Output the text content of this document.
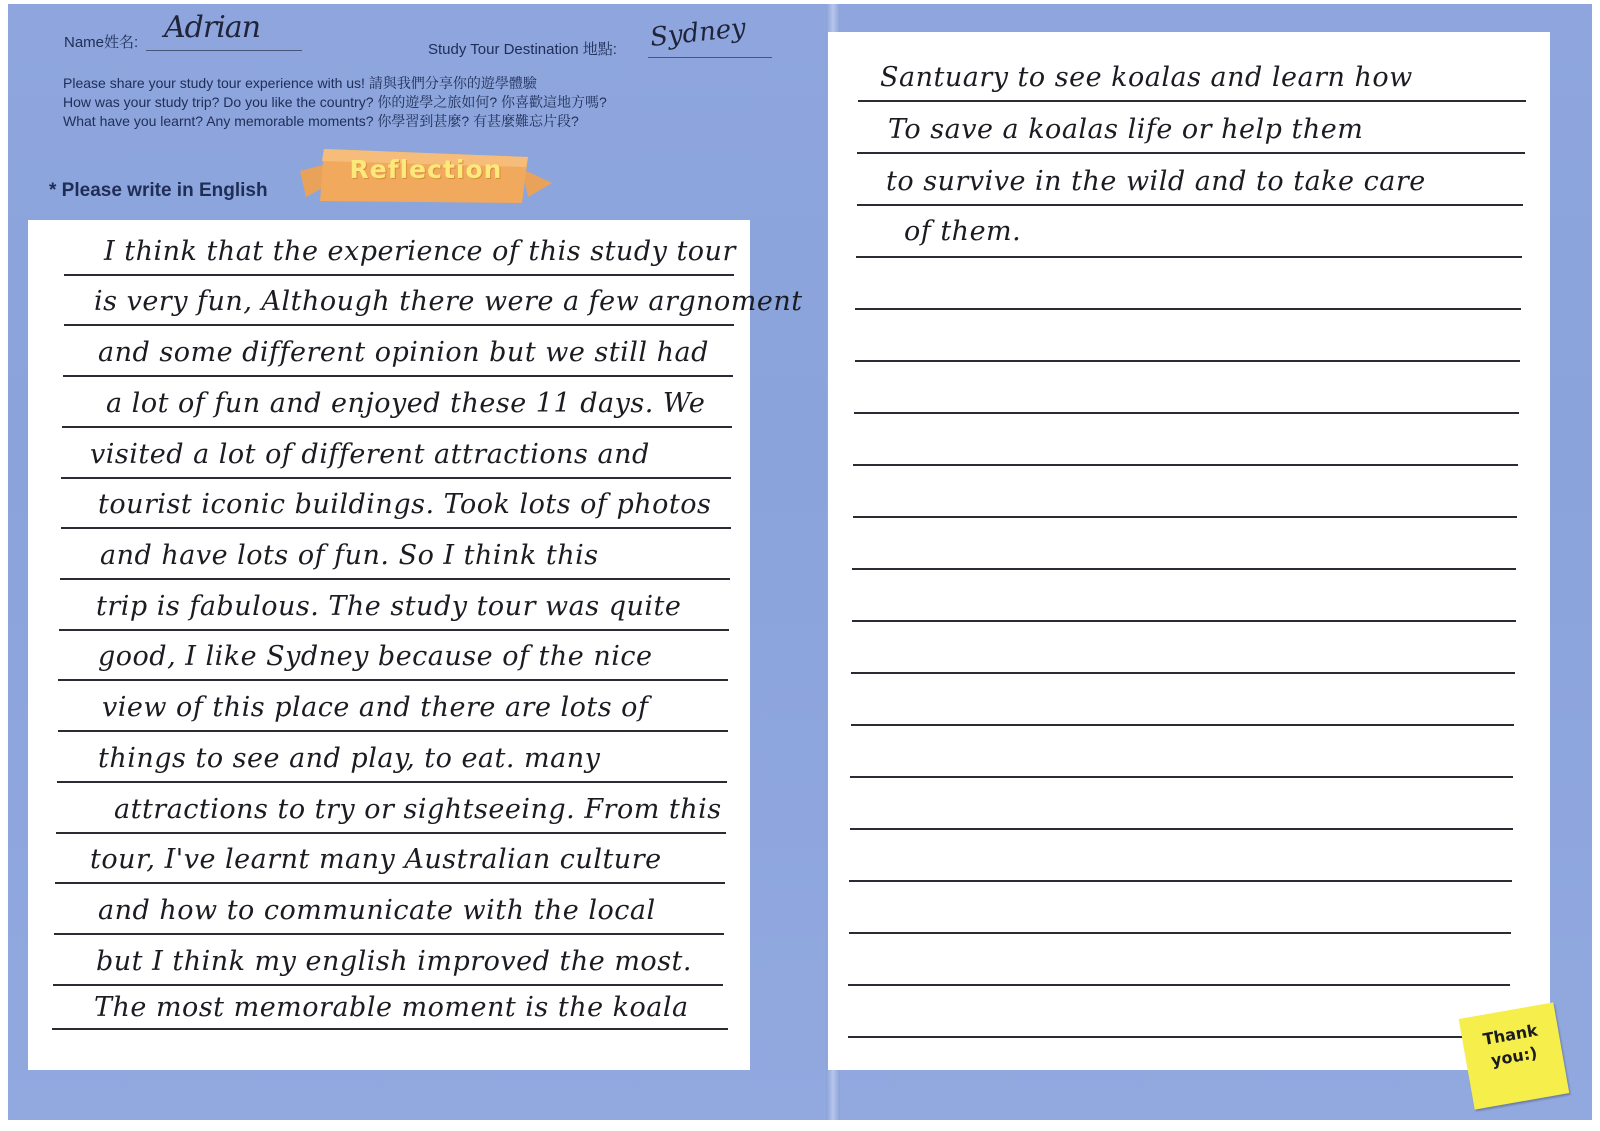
Name姓名: Adrian
Study Tour Destination 地點: Sydney
Please share your study tour experience with us! 請與我們分享你的遊學體驗
How was your study trip? Do you like the country? 你的遊學之旅如何? 你喜歡這地方嗎?
What have you learnt? Any memorable moments? 你學習到甚麼? 有甚麼難忘片段?
* Please write in English
Reflection
I think that the experience of this study tour
is very fun, Although there were a few argnoment
and some different opinion but we still had
a lot of fun and enjoyed these 11 days. We
visited a lot of different attractions and
tourist iconic buildings. Took lots of photos
and have lots of fun. So I think this
trip is fabulous. The study tour was quite
good, I like Sydney because of the nice
view of this place and there are lots of
things to see and play, to eat. many
attractions to try or sightseeing. From this
tour, I've learnt many Australian culture
and how to communicate with the local
but I think my english improved the most.
The most memorable moment is the koala
Santuary to see koalas and learn how
To save a koalas life or help them
to survive in the wild and to take care
of them.
Thank
you:)
